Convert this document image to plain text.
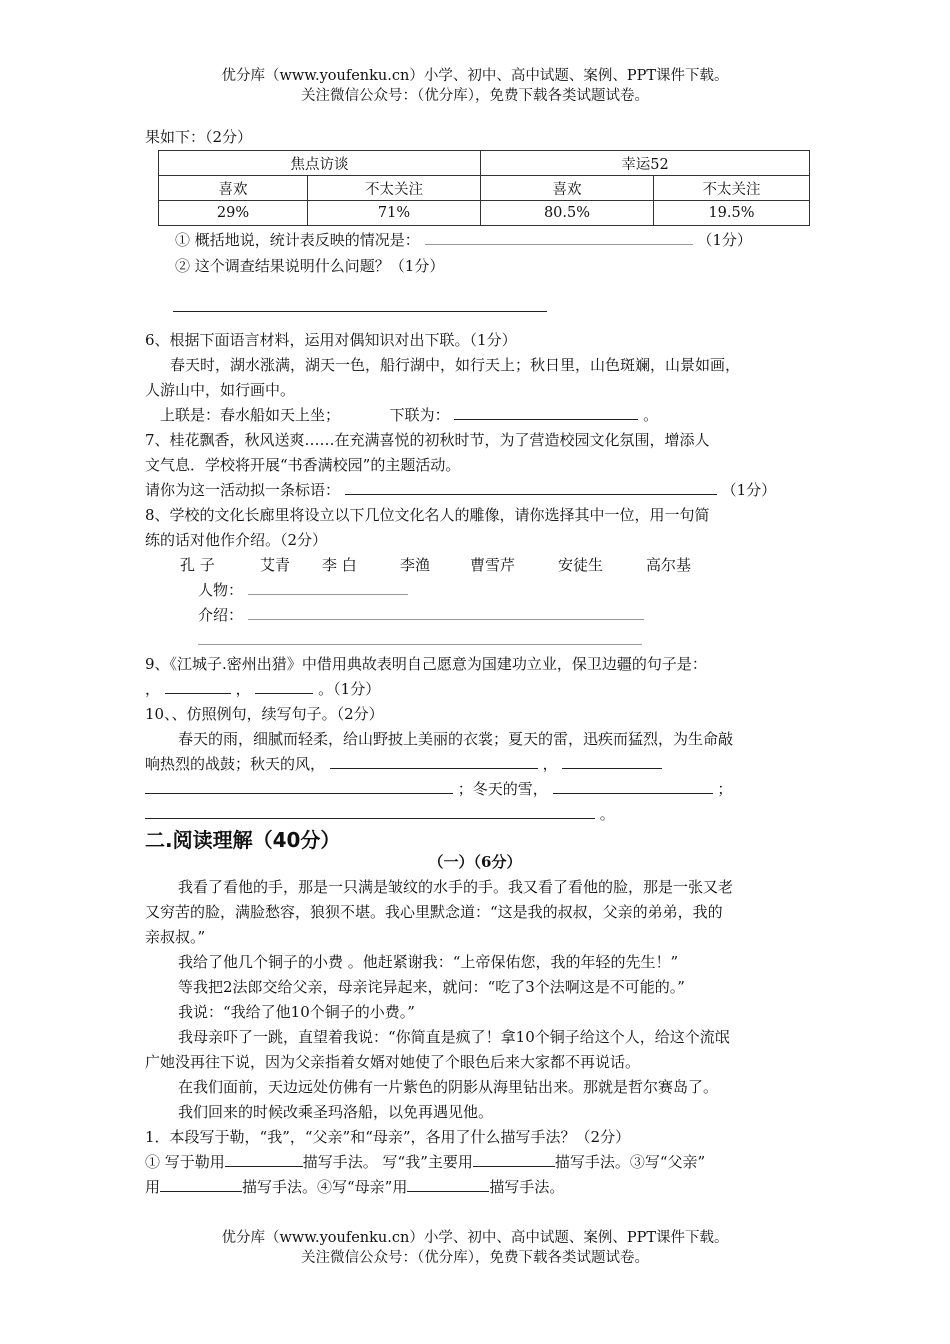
优分库（www.youfenku.cn）小学、初中、高中试题、案例、PPT课件下载。
关注微信公众号：（优分库），免费下载各类试题试卷。
果如下：（2分）
焦点访谈		幸运52	
喜欢	不太关注	喜欢	不太关注
29%	71%	80.5%	19.5%
① 概括地说，统计表反映的情况是：	（1分）
② 这个调查结果说明什么问题？（1分）
6、根据下面语言材料，运用对偶知识对出下联。（1分）
春天时，湖水涨满，湖天一色，船行湖中，如行天上；秋日里，山色斑斓，山景如画，
人游山中，如行画中。
上联是：春水船如天上坐；	下联为：	。
7、桂花飘香，秋风送爽……在充满喜悦的初秋时节，为了营造校园文化氛围，增添人
文气息．学校将开展“书香满校园”的主题活动。
请你为这一活动拟一条标语：	（1分）
8、学校的文化长廊里将设立以下几位文化名人的雕像，请你选择其中一位，用一句简
练的话对他作介绍。（2分）
孔 子	艾青 李 白	李渔	曹雪芹	安徒生	高尔基
人物：
介绍：
9、《江城子.密州出猎》中借用典故表明自己愿意为国建功立业，保卫边疆的句子是：
，	，	。（1分）
10、、仿照例句，续写句子。（2分）
春天的雨，细腻而轻柔，给山野披上美丽的衣裳；夏天的雷，迅疾而猛烈，为生命敲
响热烈的战鼓；秋天的风，	，
；冬天的雪，	；
。
二.阅读理解（40分）
（一）（6分）
我看了看他的手，那是一只满是皱纹的水手的手。我又看了看他的脸，那是一张又老
又穷苦的脸，满脸愁容，狼狈不堪。我心里默念道：“这是我的叔叔，父亲的弟弟，我的
亲叔叔。”
我给了他几个铜子的小费 。他赶紧谢我：“上帝保佑您，我的年轻的先生！”
等我把2法郎交给父亲，母亲诧异起来，就问：“吃了3个法啊这是不可能的。”
我说：“我给了他10个铜子的小费。”
我母亲吓了一跳，直望着我说：“你简直是疯了！拿10个铜子给这个人，给这个流氓
广她没再往下说，因为父亲指着女婿对她使了个眼色后来大家都不再说话。
在我们面前，天边远处仿佛有一片紫色的阴影从海里钻出来。那就是哲尔赛岛了。
我们回来的时候改乘圣玛洛船，以免再遇见他。
1．本段写于勒，“我”，“父亲”和“母亲”，各用了什么描写手法？（2分）
① 写于勒用	描写手法。 写“我”主要用	描写手法。③写“父亲”
用	描写手法。④写“母亲”用	描写手法。
优分库（www.youfenku.cn）小学、初中、高中试题、案例、PPT课件下载。
关注微信公众号：（优分库），免费下载各类试题试卷。
